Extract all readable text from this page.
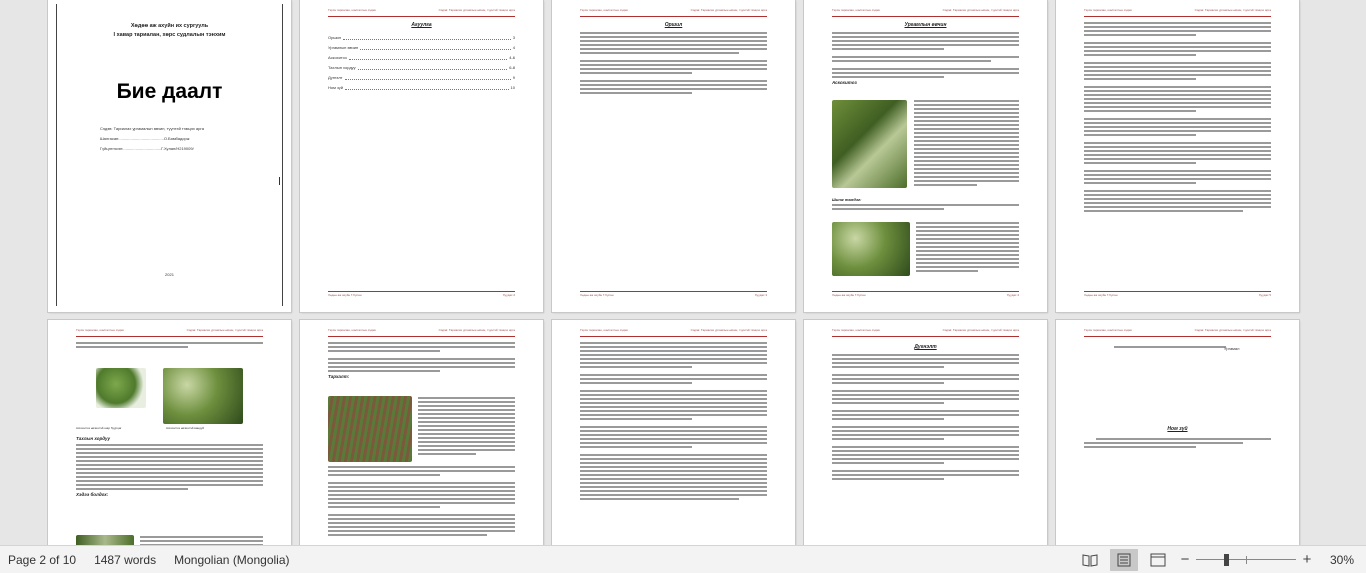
Хөдөө аж ахуйн их сургууль
І хавар тариалан, хөрс судлалын тэнхим
Бие даалт
Сэдэв: Тариалах ургамалын өвчин, түүнтэй тэмцэх арга
Шалгасан:........................................О.Бямбадорж
Гүйцэтгэсэн:..................................Г.Хулан/H219009/
2021
Гэрээ тариалан, шалгалтын сэдэв	Сэдэв: Тариалах ургамлын өвчин, түүнтэй тэмцэх арга
Агуулга
Оршил	3
Ургамлын өвчин	4
Аскохитоз	4-6
Тахлын хордуу	6-8
Дүгнэлт	9
Ном зүй	10
Хөдөө аж ахуйн Г.Хулан	Хуудас 2
Гэрээ тариалан, шалгалтын сэдэв	Сэдэв: Тариалах ургамлын өвчин, түүнтэй тэмцэх арга
Оршил
Хөдөө аж ахуйн Г.Хулан	Хуудас 3
Гэрээ тариалан, шалгалтын сэдэв	Сэдэв: Тариалах ургамлын өвчин, түүнтэй тэмцэх арга
Ургамлын өвчин
Аскохитоз
Шинж тэмдэг:
Хөдөө аж ахуйн Г.Хулан	Хуудас 4
Гэрээ тариалан, шалгалтын сэдэв	Сэдэв: Тариалах ургамлын өвчин, түүнтэй тэмцэх арга
Хөдөө аж ахуйн Г.Хулан	Хуудас 5
Гэрээ тариалан, шалгалтын сэдэв	Сэдэв: Тариалах ургамлын өвчин, түүнтэй тэмцэх арга
Аскохитоз өвчинтэй шар буурцаг	Аскохитоз өвчинтэй вандуй
Тахлын хордуу
Хэдээ болдох:
Гэрээ тариалан, шалгалтын сэдэв	Сэдэв: Тариалах ургамлын өвчин, түүнтэй тэмцэх арга
Тархалт:
Гэрээ тариалан, шалгалтын сэдэв	Сэдэв: Тариалах ургамлын өвчин, түүнтэй тэмцэх арга	Гэрээ тариалан, шалгалтын сэдэв	Сэдэв: Тариалах ургамлын өвчин, түүнтэй тэмцэх арга
Дүгнэлт
Гэрээ тариалан, шалгалтын сэдэв	Сэдэв: Тариалах ургамлын өвчин, түүнтэй тэмцэх арга
Ургамал
Ном зүй
Page 2 of 10	1487 words	Mongolian (Mongolia)	−	+	30%
